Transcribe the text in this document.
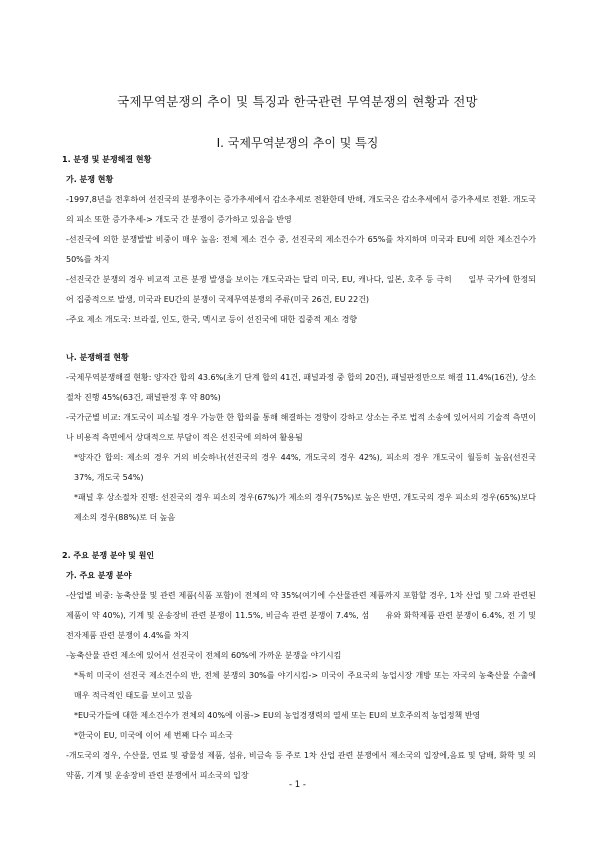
국제무역분쟁의 추이 및 특징과 한국관련 무역분쟁의 현황과 전망
Ⅰ. 국제무역분쟁의 추이 및 특징
1. 분쟁 및 분쟁해결 현황
가. 분쟁 현황
-1997,8년을 전후하여 선진국의 분쟁추이는 증가추세에서 감소추세로 전환한데 반해, 개도국은 감소추세에서 증가추세로 전환. 개도국의 피소 또한 증가추세-> 개도국 간 분쟁이 증가하고 있음을 반영
-선진국에 의한 분쟁발발 비중이 매우 높음: 전체 제소 건수 중, 선진국의 제소건수가 65%를 차지하며 미국과 EU에 의한 제소건수가 50%를 차지
-선진국간 분쟁의 경우 비교적 고른 분쟁 발생을 보이는 개도국과는 달리 미국, EU, 캐나다, 일본, 호주 등 극히      일부 국가에 한정되어 집중적으로 발생, 미국과 EU간의 분쟁이 국제무역분쟁의 주류(미국 26건, EU 22건)
-주요 제소 개도국: 브라질, 인도, 한국, 멕시코 등이 선진국에 대한 집중적 제소 경향
나. 분쟁해결 현황
-국제무역분쟁해결 현황: 양자간 합의 43.6%(초기 단계 합의 41건, 패널과정 중 합의 20건), 패널판정만으로 해결 11.4%(16건), 상소절차 진행 45%(63건, 패널판정 후 약 80%)
-국가군별 비교: 개도국이 피소될 경우 가능한 한 합의를 통해 해결하는 경향이 강하고 상소는 주로 법적 소송에 있어서의 기술적 측면이나 비용적 측면에서 상대적으로 부담이 적은 선진국에 의하여 활용됨
*양자간 합의: 제소의 경우 거의 비슷하나(선진국의 경우 44%, 개도국의 경우 42%), 피소의 경우 개도국이 월등히 높음(선진국 37%, 개도국 54%)
*패널 후 상소절차 진행: 선진국의 경우 피소의 경우(67%)가 제소의 경우(75%)로 높은 반면, 개도국의 경우 피소의 경우(65%)보다 제소의 경우(88%)로 더 높음
2. 주요 분쟁 분야 및 원인
가. 주요 분쟁 분야
-산업별 비중: 농축산물 및 관련 제품(식품 포함)이 전체의 약 35%(여기에 수산물관련 제품까지 포함할 경우, 1차 산업 및 그와 관련된 제품이 약 40%), 기계 및 운송장비 관련 분쟁이 11.5%, 비금속 관련 분쟁이 7.4%, 섬      유와 화학제품 관련 분쟁이 6.4%, 전 기 및 전자제품 관련 분쟁이 4.4%를 차지
-농축산물 관련 제소에 있어서 선진국이 전체의 60%에 가까운 분쟁을 야기시킴
*특히 미국이 선진국 제소건수의 반, 전체 분쟁의 30%를 야기시킴-> 미국이 주요국의 농업시장 개방 또는 자국의 농축산물 수출에 매우 적극적인 태도를 보이고 있음
*EU국가들에 대한 제소건수가 전체의 40%에 이름-> EU의 농업경쟁력의 열세 또는 EU의 보호주의적 농업정책 반영
*한국이 EU, 미국에 이어 세 번째 다수 피소국
-개도국의 경우, 수산물, 연료 및 광물성 제품, 섬유, 비금속 등 주로 1차 산업 관련 분쟁에서 제소국의 입장에,음료 및 담배, 화학 및 의약품, 기계 및 운송장비 관련 분쟁에서 피소국의 입장
- 1 -
